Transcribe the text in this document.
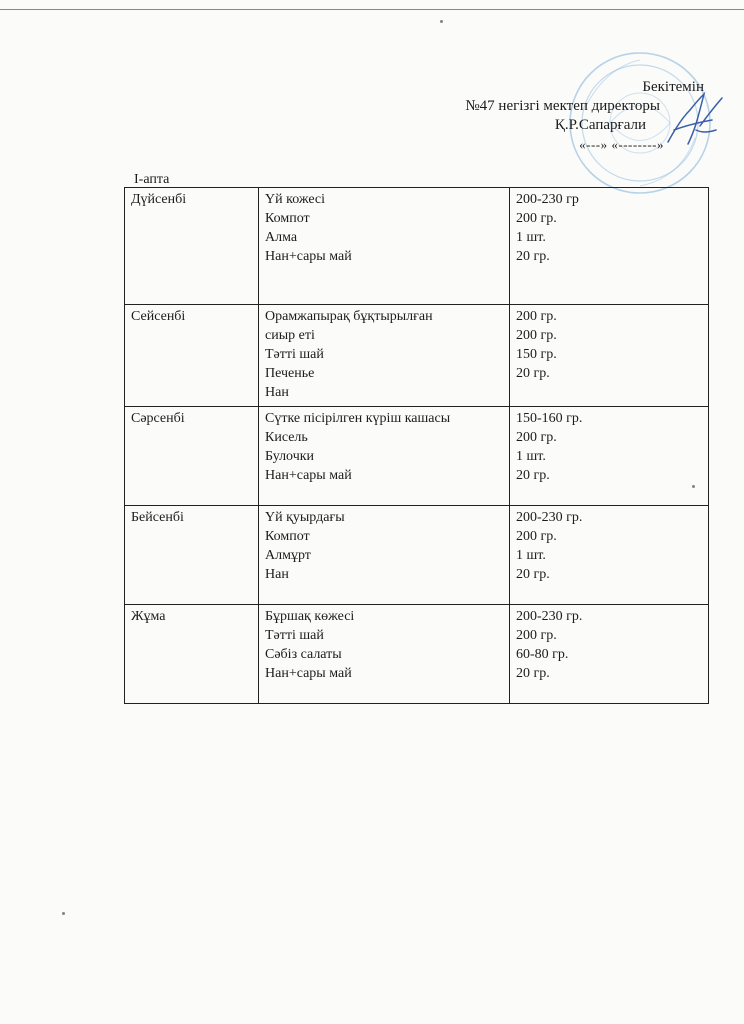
Бекітемін
№47 негізгі мектеп директоры
Қ.Р.Сапарғали
«---» «--------»
I-апта
Дүйсенбі	Үй кожесі
Компот
Алма
Нан+сары май	200-230 гр
200 гр.
1 шт.
20 гр.

Сейсенбі	Орамжапырақ бұқтырылған
сиыр еті
Тәтті шай
Печенье
Нан	200 гр.
200 гр.
150 гр.
20 гр.

Сәрсенбі	Сүтке пісірілген күріш кашасы
Кисель
Булочки
Нан+сары май	150-160 гр.
200 гр.
1 шт.
20 гр.

Бейсенбі	Үй қуырдағы
Компот
Алмұрт
Нан	200-230 гр.
200 гр.
1 шт.
20 гр.

Жұма	Бұршақ көжесі
Тәтті шай
Сәбіз салаты
Нан+сары май	200-230 гр.
200 гр.
60-80 гр.
20 гр.
